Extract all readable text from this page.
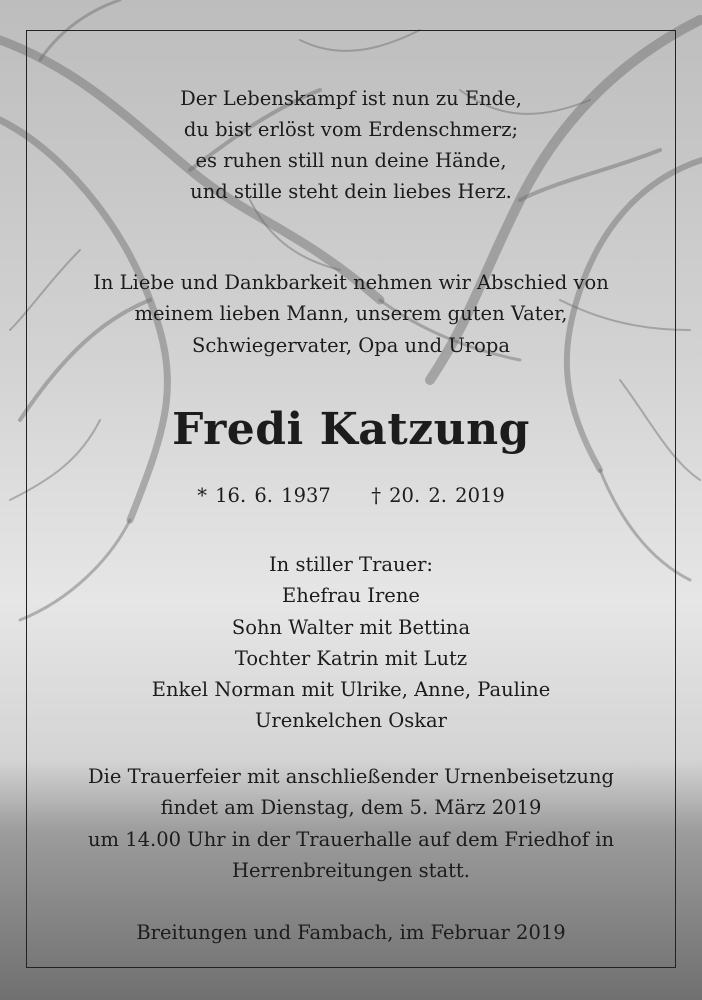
Der Lebenskampf ist nun zu Ende,
du bist erlöst vom Erdenschmerz;
es ruhen still nun deine Hände,
und stille steht dein liebes Herz.
In Liebe und Dankbarkeit nehmen wir Abschied von
meinem lieben Mann, unserem guten Vater,
Schwiegervater, Opa und Uropa
Fredi Katzung
* 16. 6. 1937 † 20. 2. 2019
In stiller Trauer:
Ehefrau Irene
Sohn Walter mit Bettina
Tochter Katrin mit Lutz
Enkel Norman mit Ulrike, Anne, Pauline
Urenkelchen Oskar
Die Trauerfeier mit anschließender Urnenbeisetzung
findet am Dienstag, dem 5. März 2019
um 14.00 Uhr in der Trauerhalle auf dem Friedhof in
Herrenbreitungen statt.
Breitungen und Fambach, im Februar 2019
